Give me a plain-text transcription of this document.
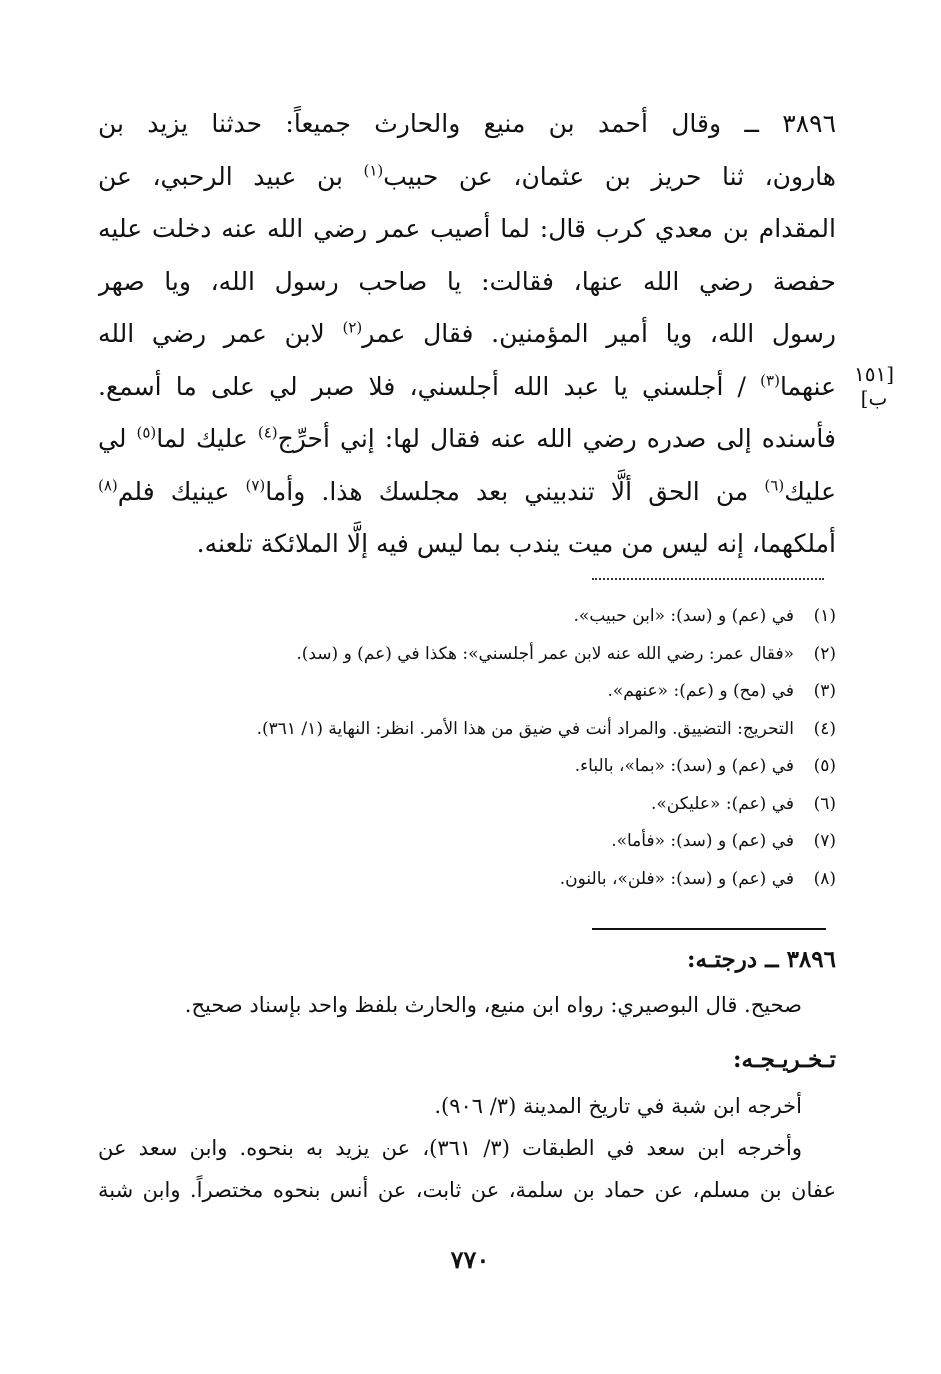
٣٨٩٦ ــ وقال أحمد بن منيع والحارث جميعاً: حدثنا يزيد بن
هارون، ثنا حريز بن عثمان، عن حبيب$^{(١)}$ بن عبيد الرحبي، عن
المقدام بن معدي كرب قال: لما أصيب عمر رضي الله عنه دخلت عليه
حفصة رضي الله عنها، فقالت: يا صاحب رسول الله، ويا صهر
رسول الله، ويا أمير المؤمنين. فقال عمر$^{(٢)}$ لابن عمر رضي الله
عنهما$^{(٣)}$ / أجلسني يا عبد الله أجلسني، فلا صبر لي على ما أسمع.
فأسنده إلى صدره رضي الله عنه فقال لها: إني أحرِّج$^{(٤)}$ عليك لما$^{(٥)}$ لي
عليك$^{(٦)}$ من الحق ألَّا تندبيني بعد مجلسك هذا. وأما$^{(٧)}$ عينيك فلم$^{(٨)}$
أملكهما، إنه ليس من ميت يندب بما ليس فيه إلَّا الملائكة تلعنه.
[١٥١ ب]
(١)في (عم) و (سد): «ابن حبيب».
(٢)«فقال عمر: رضي الله عنه لابن عمر أجلسني»: هكذا في (عم) و (سد).
(٣)في (مح) و (عم): «عنهم».
(٤)التحريج: التضييق. والمراد أنت في ضيق من هذا الأمر. انظر: النهاية (١/ ٣٦١).
(٥)في (عم) و (سد): «بما»، بالباء.
(٦)في (عم): «عليكن».
(٧)في (عم) و (سد): «فأما».
(٨)في (عم) و (سد): «فلن»، بالنون.
٣٨٩٦ ــ درجتـه:
صحيح. قال البوصيري: رواه ابن منيع، والحارث بلفظ واحد بإسناد صحيح.
تـخـريـجـه:
أخرجه ابن شبة في تاريخ المدينة (٣/ ٩٠٦).
وأخرجه ابن سعد في الطبقات (٣/ ٣٦١)، عن يزيد به بنحوه. وابن سعد عن
عفان بن مسلم، عن حماد بن سلمة، عن ثابت، عن أنس بنحوه مختصراً. وابن شبة
٧٧٠
